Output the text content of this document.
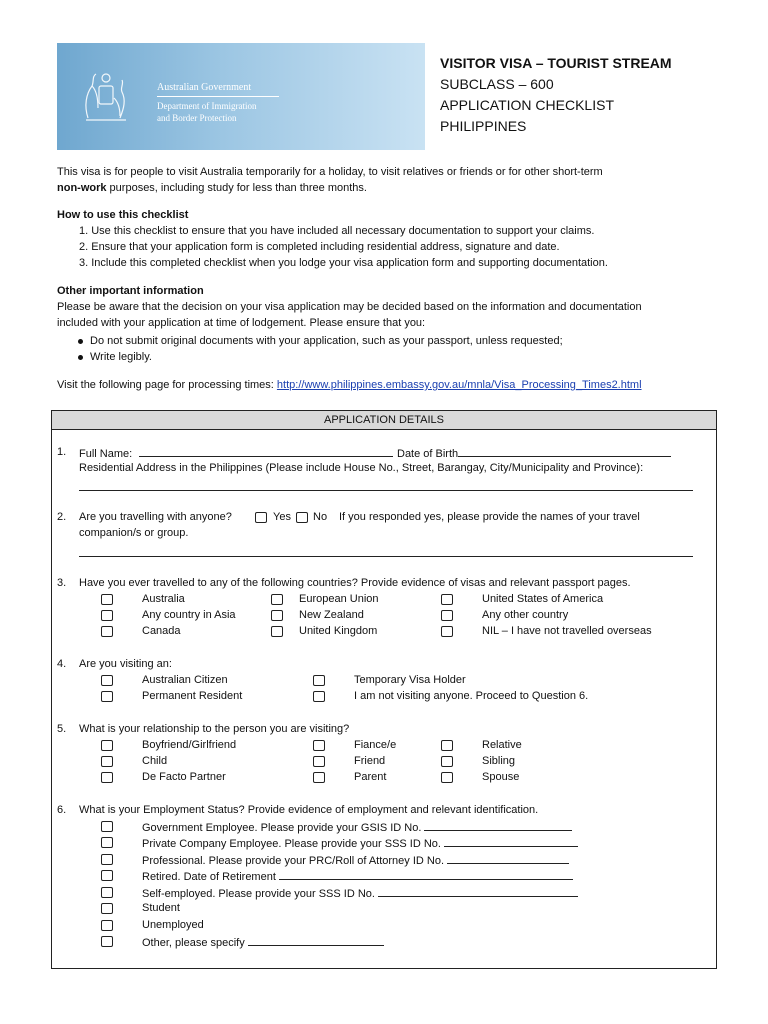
Australian Government
Department of Immigration
and Border Protection
VISITOR VISA – TOURIST STREAM
SUBCLASS – 600
APPLICATION CHECKLIST
PHILIPPINES
This visa is for people to visit Australia temporarily for a holiday, to visit relatives or friends or for other short-term
non-work purposes, including study for less than three months.
How to use this checklist
1. Use this checklist to ensure that you have included all necessary documentation to support your claims.
2. Ensure that your application form is completed including residential address, signature and date.
3. Include this completed checklist when you lodge your visa application form and supporting documentation.
Other important information
Please be aware that the decision on your visa application may be decided based on the information and documentation
included with your application at time of lodgement. Please ensure that you:
Do not submit original documents with your application, such as your passport, unless requested;
Write legibly.
Visit the following page for processing times: http://www.philippines.embassy.gov.au/mnla/Visa_Processing_Times2.html
APPLICATION DETAILS
1. Full Name:	Date of Birth
Residential Address in the Philippines (Please include House No., Street, Barangay, City/Municipality and Province):
2. Are you travelling with anyone?	Yes No If you responded yes, please provide the names of your travel
companion/s or group.
3. Have you ever travelled to any of the following countries? Provide evidence of visas and relevant passport pages.
Australia	European Union	United States of America
Any country in Asia	New Zealand	Any other country
Canada	United Kingdom	NIL – I have not travelled overseas
4. Are you visiting an:
Australian Citizen	Temporary Visa Holder
Permanent Resident	I am not visiting anyone. Proceed to Question 6.
5. What is your relationship to the person you are visiting?
Boyfriend/Girlfriend	Fiance/e	Relative
Child	Friend	Sibling
De Facto Partner	Parent	Spouse
6. What is your Employment Status? Provide evidence of employment and relevant identification.
Government Employee. Please provide your GSIS ID No.
Private Company Employee. Please provide your SSS ID No.
Professional. Please provide your PRC/Roll of Attorney ID No.
Retired. Date of Retirement
Self-employed. Please provide your SSS ID No.
Student
Unemployed
Other, please specify
